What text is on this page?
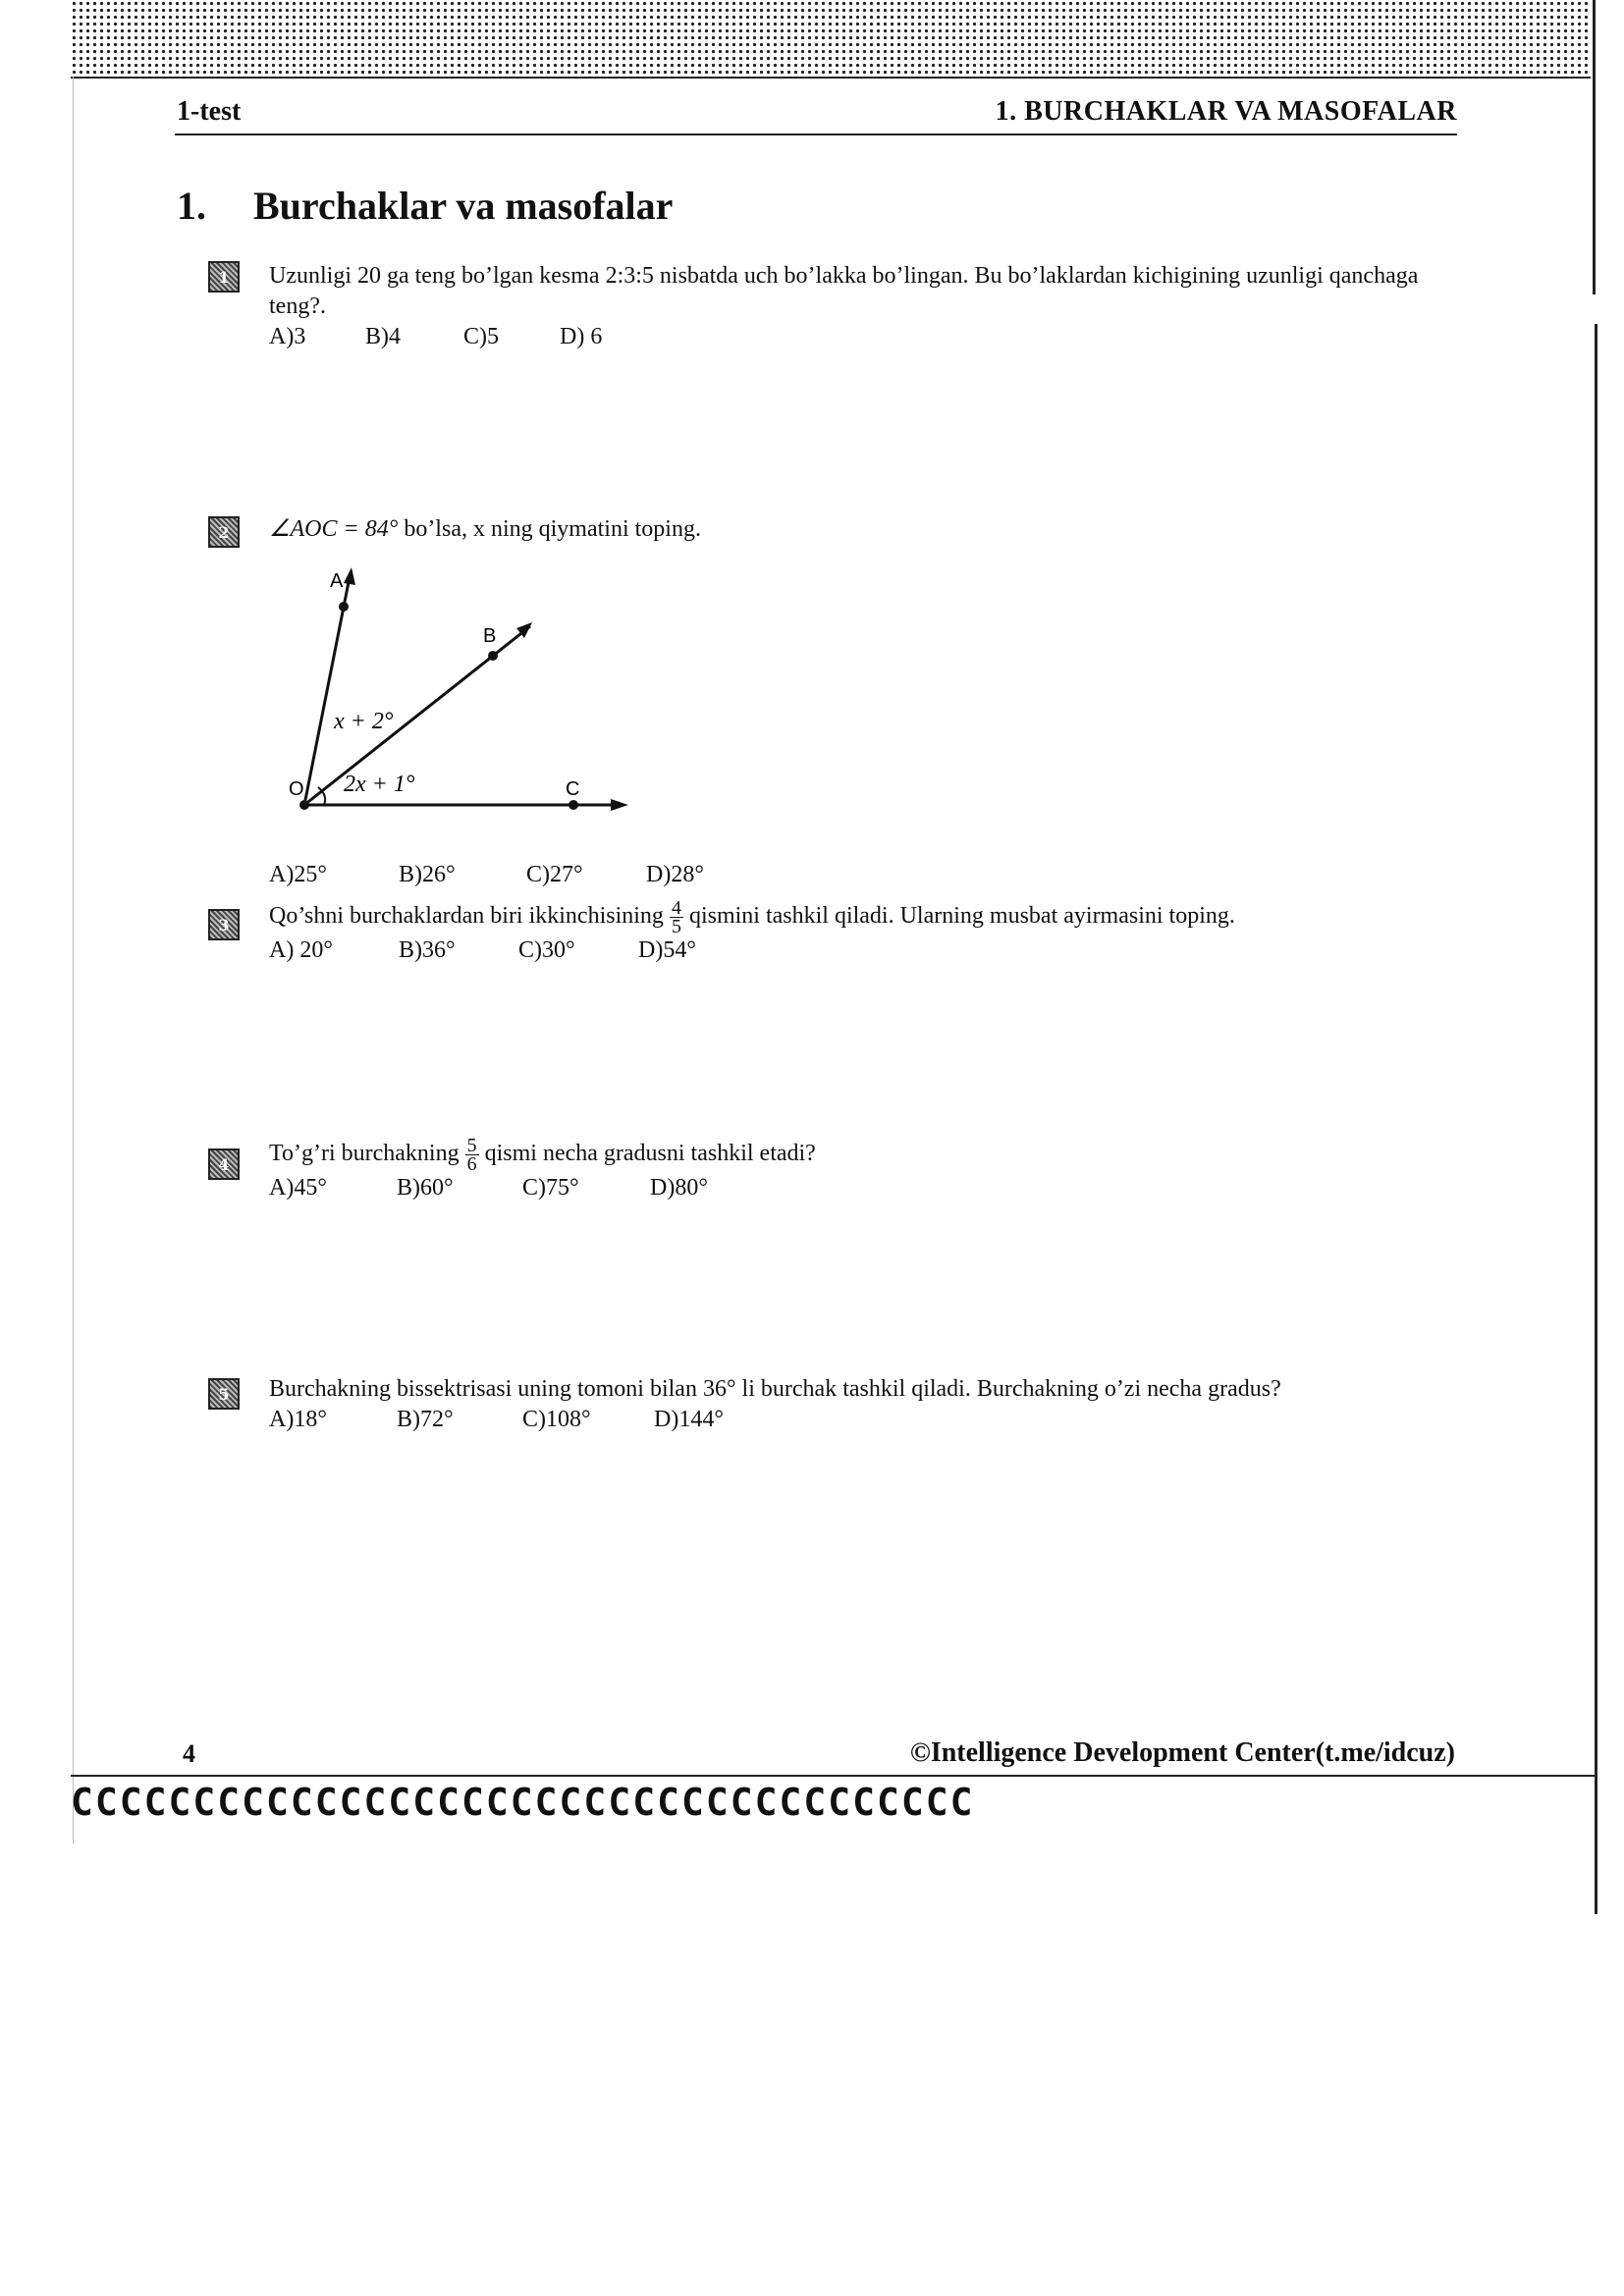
1-test	1. BURCHAKLAR VA MASOFALAR
1. Burchaklar va masofalar
1 Uzunligi 20 ga teng bo’lgan kesma 2:3:5 nisbatda uch bo’lakka bo’lingan. Bu bo’laklardan kichigining uzunligi qanchaga teng?.
A)3	B)4	C)5	D) 6
2 ∠AOC = 84° bo’lsa, x ning qiymatini toping.
A
B
C
O
x + 2°
2x + 1°
A)25°	B)26°	C)27°	D)28°
3 Qo’shni burchaklardan biri ikkinchisining $\frac{4}{5}$ qismini tashkil qiladi. Ularning musbat ayirmasini toping.
A) 20°	B)36°	C)30°	D)54°
4 To’g’ri burchakning $\frac{5}{6}$ qismi necha gradusni tashkil etadi?
A)45°	B)60°	C)75°	D)80°
5 Burchakning bissektrisasi uning tomoni bilan 36° li burchak tashkil qiladi. Burchakning o’zi necha gradus?
A)18°	B)72°	C)108°	D)144°
4	©Intelligence Development Center(t.me/idcuz)
CCCCCCCCCCCCCCCCCCCCCCCCCCCCCCCCCCCCC
